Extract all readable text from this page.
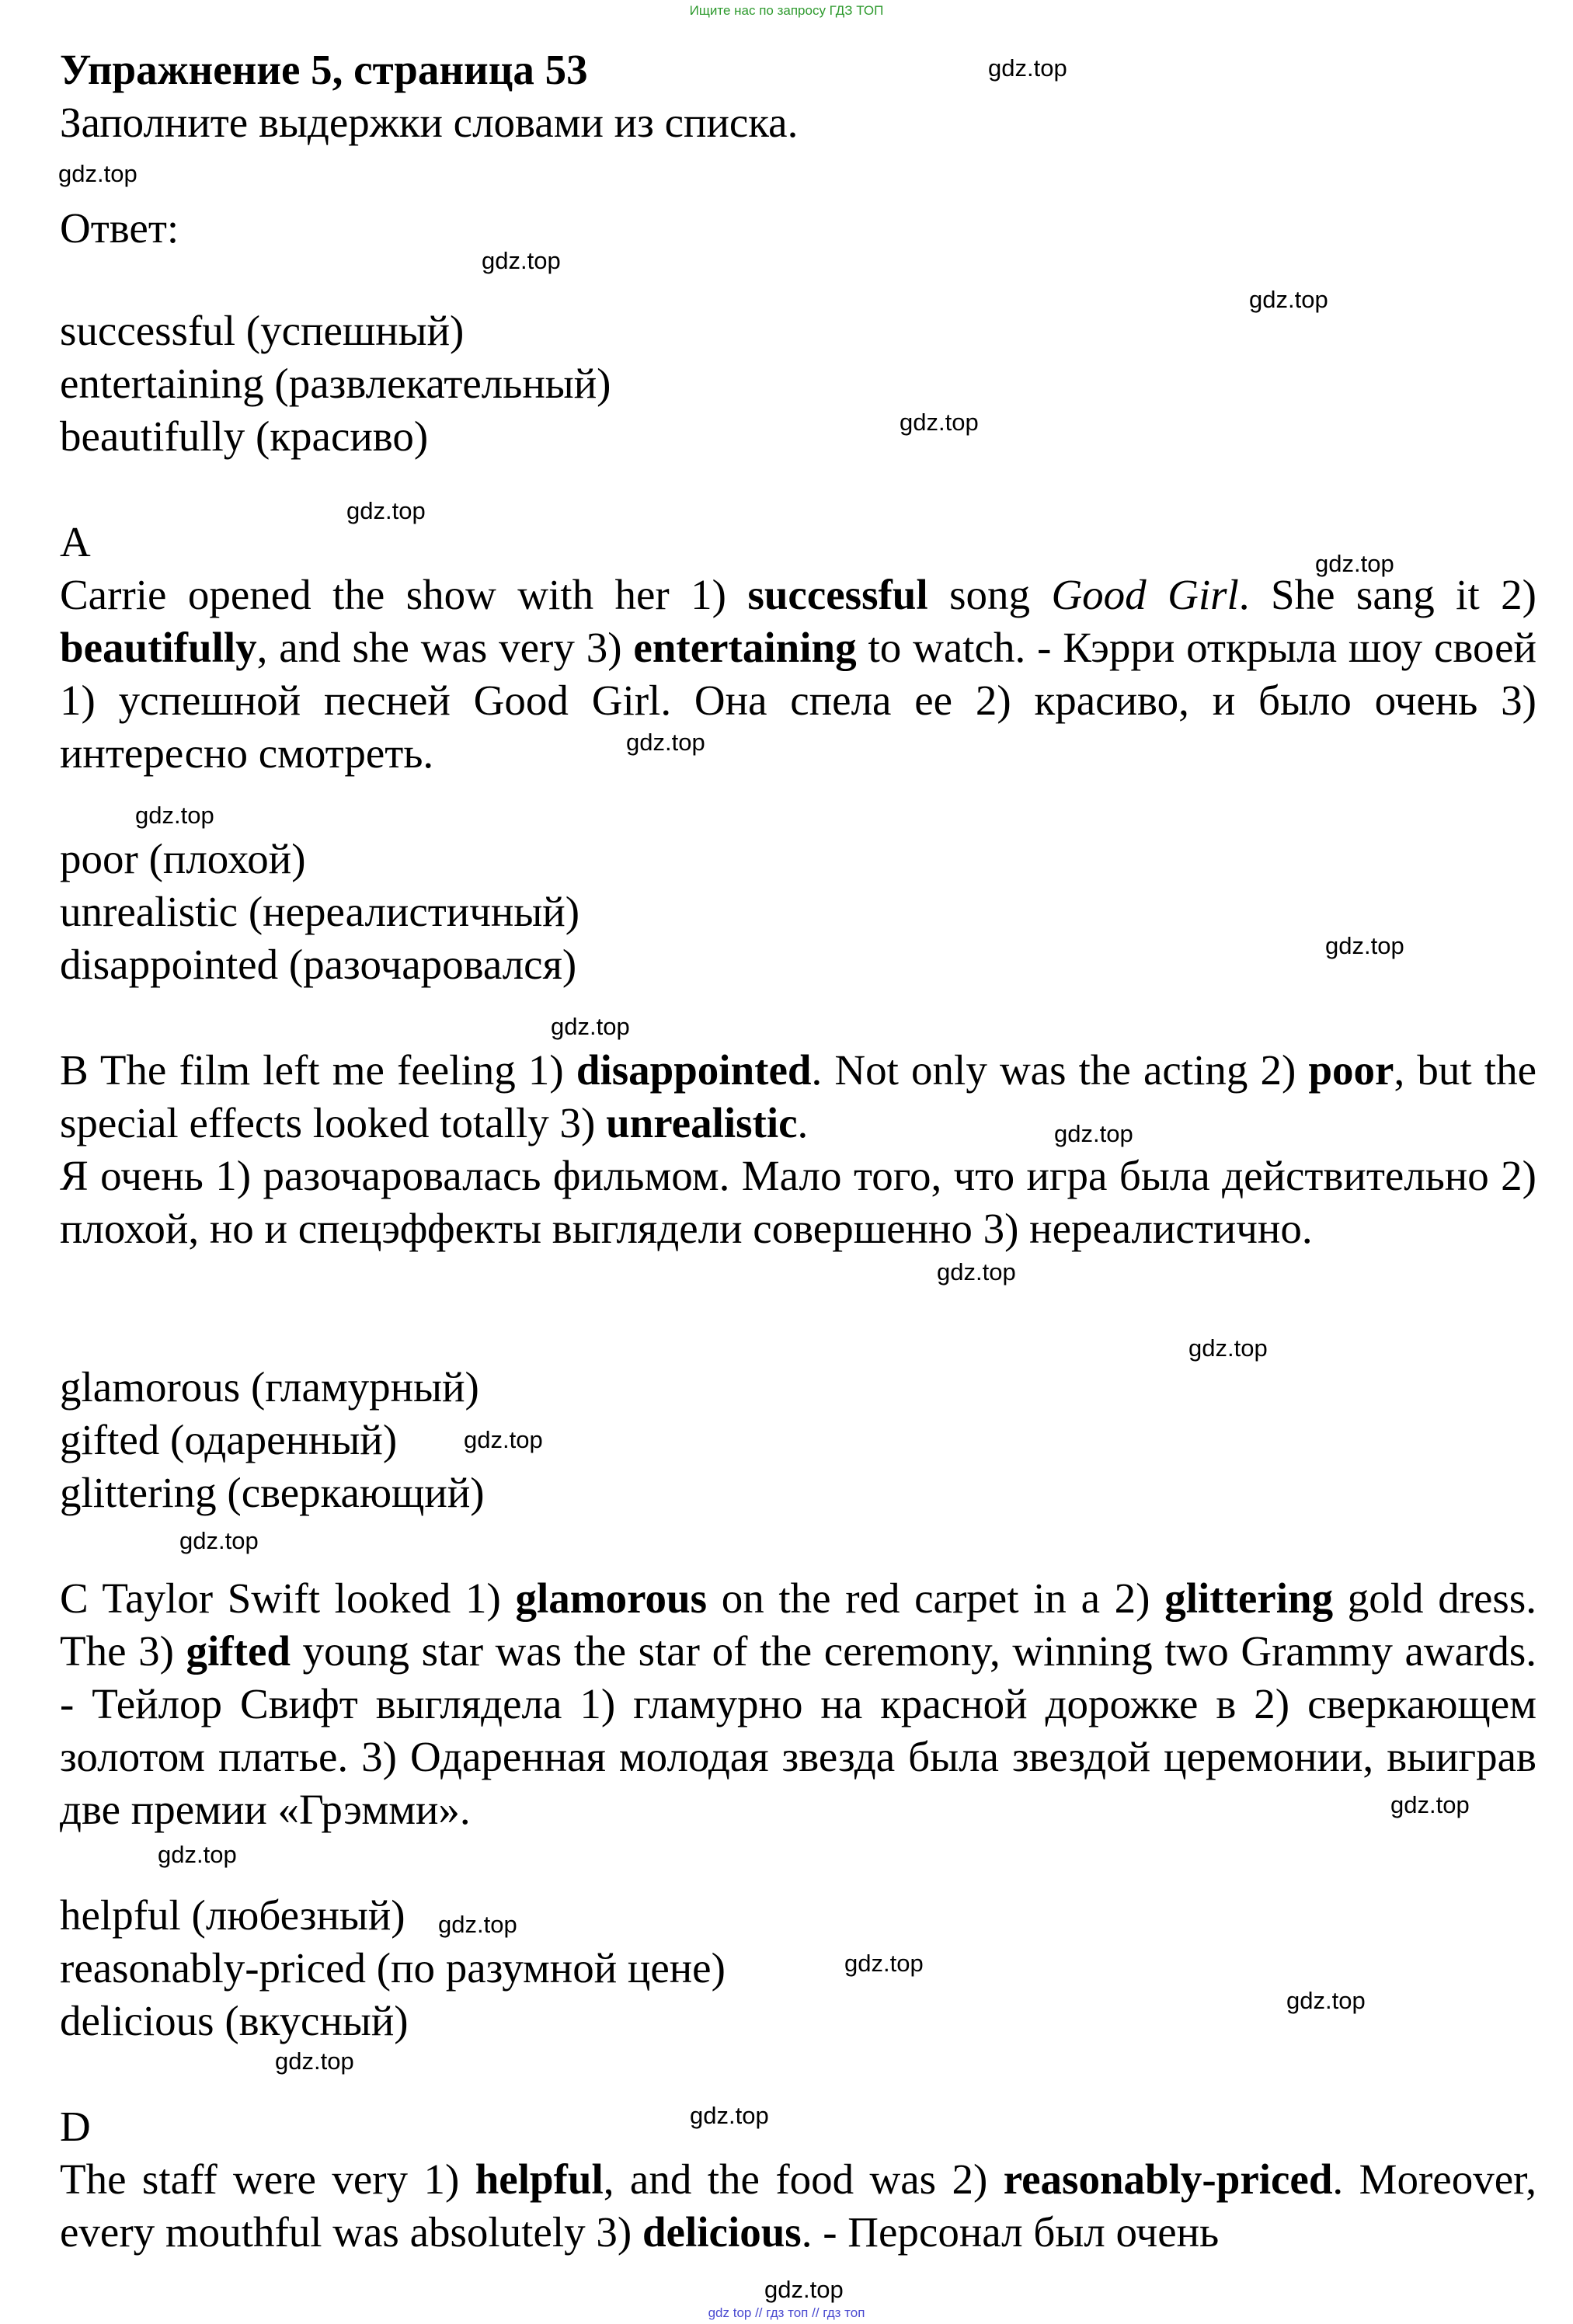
Ищите нас по запросу ГДЗ ТОП
Упражнение 5, страница 53
Заполните выдержки словами из списка.
Ответ:
successful (успешный)
entertaining (развлекательный)
beautifully (красиво)
A
Carrie opened the show with her 1) successful song Good Girl. She sang it 2) beautifully, and she was very 3) entertaining to watch. - Кэрри открыла шоу своей 1) успешной песней Good Girl. Она спела ее 2) красиво, и было очень 3) интересно смотреть.
poor (плохой)
unrealistic (нереалистичный)
disappointed (разочаровался)
B The film left me feeling 1) disappointed. Not only was the acting 2) poor, but the special effects looked totally 3) unrealistic.
Я очень 1) разочаровалась фильмом. Мало того, что игра была действительно 2) плохой, но и спецэффекты выглядели совершенно 3) нереалистично.
glamorous (гламурный)
gifted (одаренный)
glittering (сверкающий)
C Taylor Swift looked 1) glamorous on the red carpet in a 2) glittering gold dress. The 3) gifted young star was the star of the ceremony, winning two Grammy awards. - Тейлор Свифт выглядела 1) гламурно на красной дорожке в 2) сверкающем золотом платье. 3) Одаренная молодая звезда была звездой церемонии, выиграв две премии «Грэмми».
helpful (любезный)
reasonably-priced (по разумной цене)
delicious (вкусный)
D
The staff were very 1) helpful, and the food was 2) reasonably-priced. Moreover, every mouthful was absolutely 3) delicious. - Персонал был очень
gdz.top
gdz.top
gdz.top
gdz.top
gdz.top
gdz.top
gdz.top
gdz.top
gdz.top
gdz.top
gdz.top
gdz.top
gdz.top
gdz.top
gdz.top
gdz.top
gdz.top
gdz.top
gdz.top
gdz.top
gdz.top
gdz.top
gdz.top
gdz.top
gdz top // гдз топ // гдз топ
